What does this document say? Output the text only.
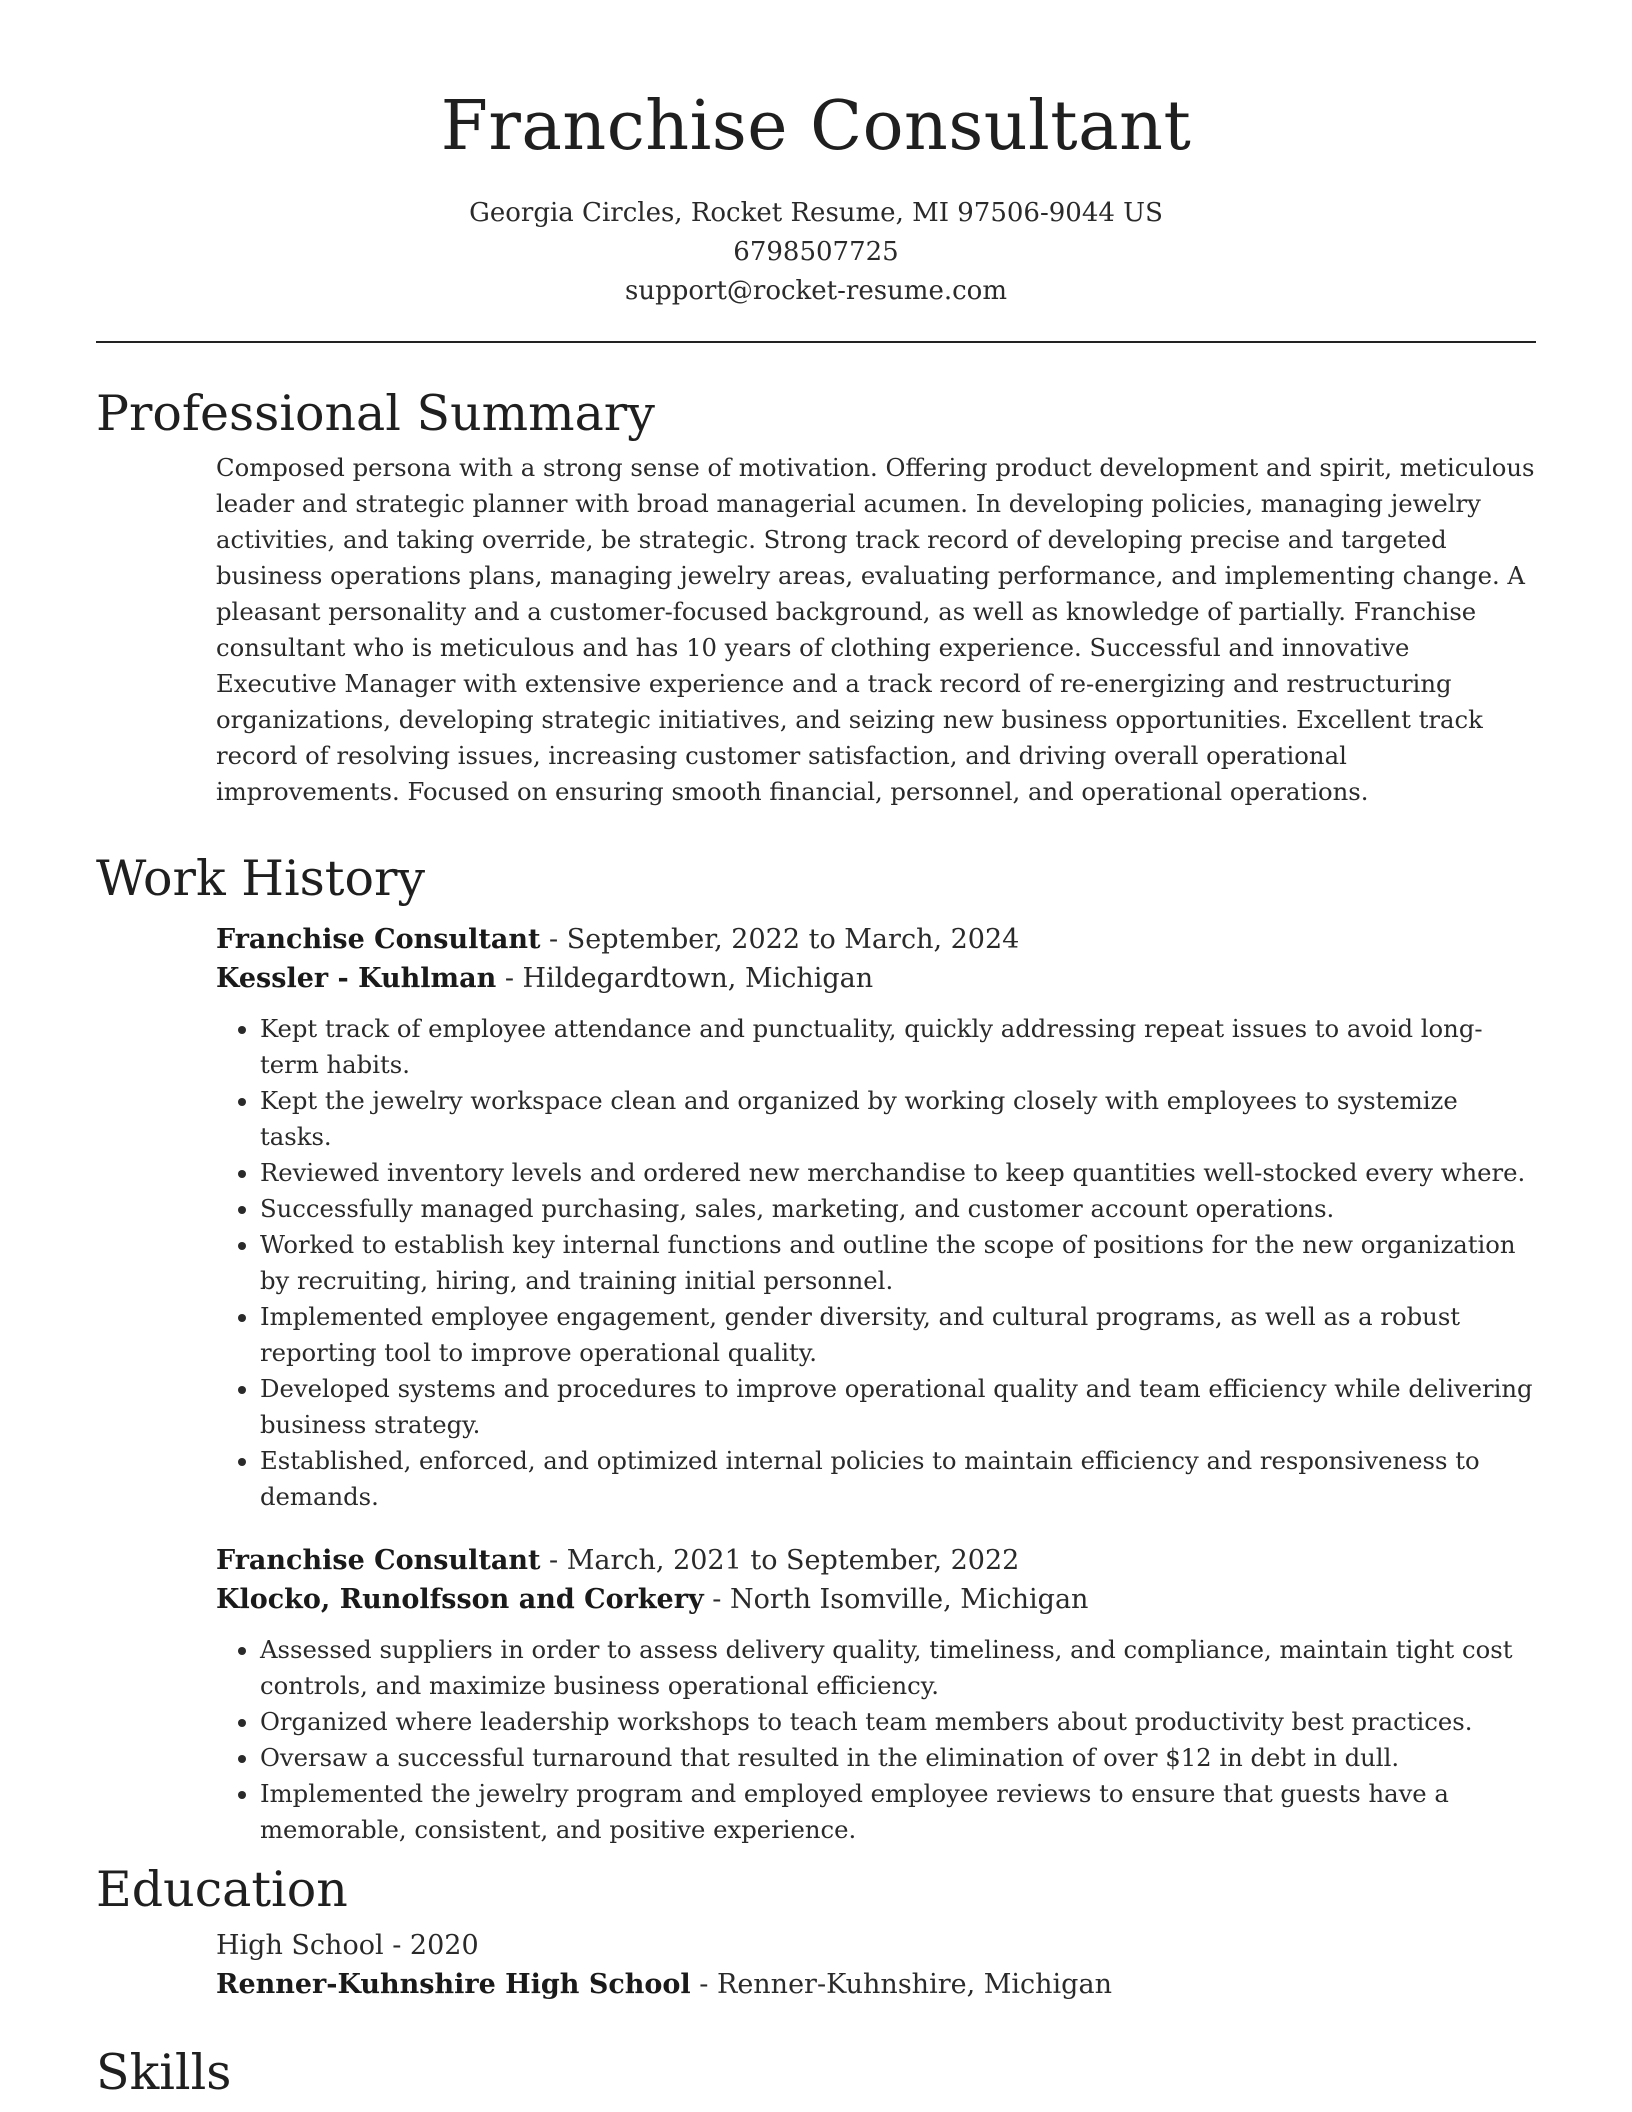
Franchise Consultant
Georgia Circles, Rocket Resume, MI 97506-9044 US
6798507725
support@rocket-resume.com
Professional Summary

Composed persona with a strong sense of motivation. Offering product development and spirit, meticulous leader and strategic planner with broad managerial acumen. In developing policies, managing jewelry activities, and taking override, be strategic. Strong track record of developing precise and targeted business operations plans, managing jewelry areas, evaluating performance, and implementing change. A pleasant personality and a customer-focused background, as well as knowledge of partially. Franchise consultant who is meticulous and has 10 years of clothing experience. Successful and innovative Executive Manager with extensive experience and a track record of re-energizing and restructuring organizations, developing strategic initiatives, and seizing new business opportunities. Excellent track record of resolving issues, increasing customer satisfaction, and driving overall operational improvements. Focused on ensuring smooth financial, personnel, and operational operations.

Work History
Franchise Consultant - September, 2022 to March, 2024
Kessler - Kuhlman - Hildegardtown, Michigan
• Kept track of employee attendance and punctuality, quickly addressing repeat issues to avoid long-term habits.
• Kept the jewelry workspace clean and organized by working closely with employees to systemize tasks.
• Reviewed inventory levels and ordered new merchandise to keep quantities well-stocked every where.
• Successfully managed purchasing, sales, marketing, and customer account operations.
• Worked to establish key internal functions and outline the scope of positions for the new organization by recruiting, hiring, and training initial personnel.
• Implemented employee engagement, gender diversity, and cultural programs, as well as a robust reporting tool to improve operational quality.
• Developed systems and procedures to improve operational quality and team efficiency while delivering business strategy.
• Established, enforced, and optimized internal policies to maintain efficiency and responsiveness to demands.
Franchise Consultant - March, 2021 to September, 2022
Klocko, Runolfsson and Corkery - North Isomville, Michigan
• Assessed suppliers in order to assess delivery quality, timeliness, and compliance, maintain tight cost controls, and maximize business operational efficiency.
• Organized where leadership workshops to teach team members about productivity best practices.
• Oversaw a successful turnaround that resulted in the elimination of over $12 in debt in dull.
• Implemented the jewelry program and employed employee reviews to ensure that guests have a memorable, consistent, and positive experience.
Education
High School - 2020
Renner-Kuhnshire High School - Renner-Kuhnshire, Michigan
Skills
